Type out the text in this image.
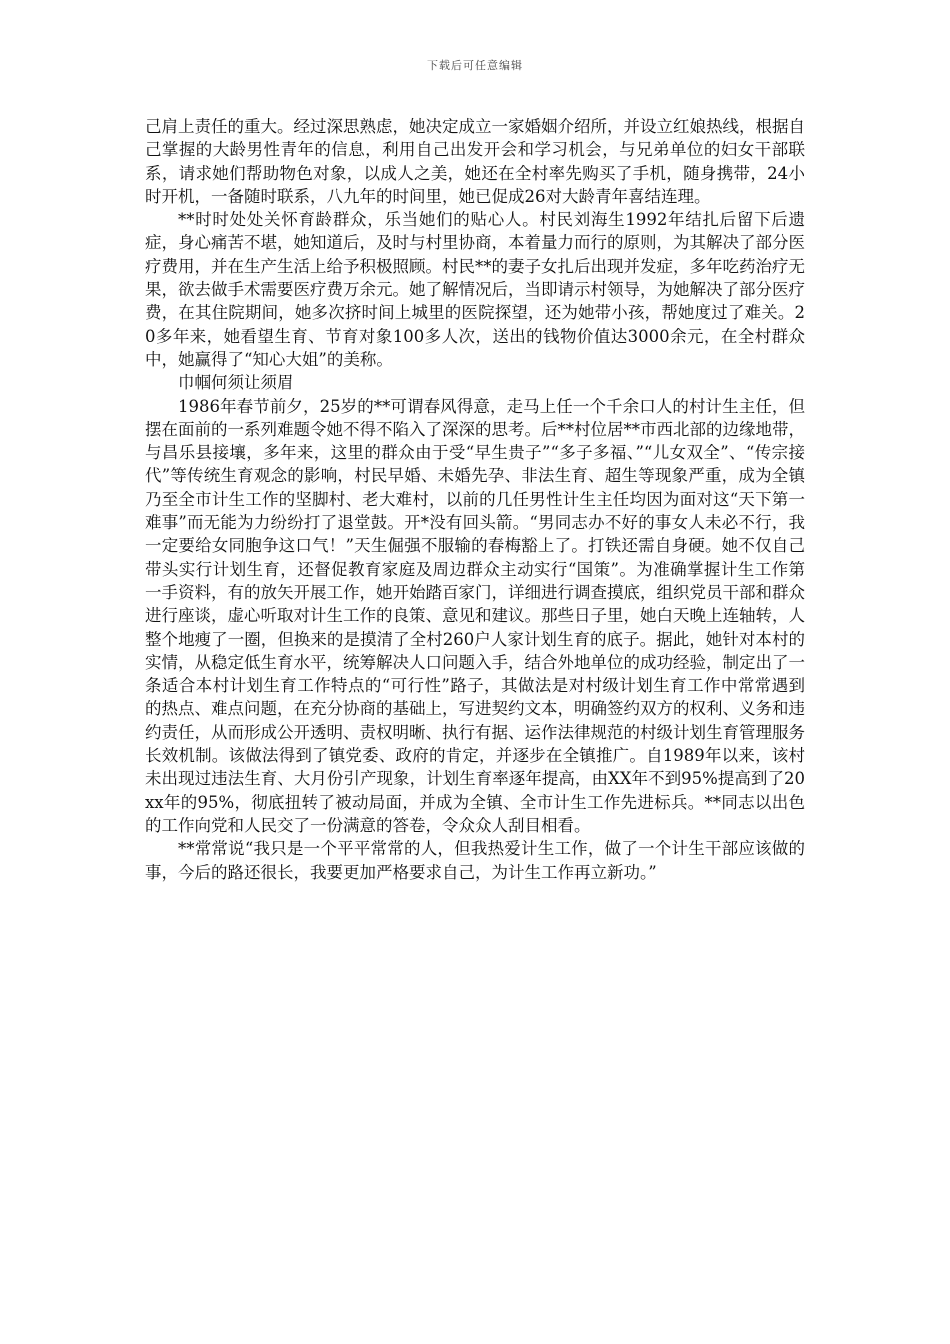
下载后可任意编辑

己肩上责任的重大。经过深思熟虑，她决定成立一家婚姻介绍所，并设立红娘热线，根据自己掌握的大龄男性青年的信息，利用自己出发开会和学习机会，与兄弟单位的妇女干部联系，请求她们帮助物色对象，以成人之美，她还在全村率先购买了手机，随身携带，24小时开机，一备随时联系，八九年的时间里，她已促成26对大龄青年喜结连理。

**时时处处关怀育龄群众，乐当她们的贴心人。村民刘海生1992年结扎后留下后遗症，身心痛苦不堪，她知道后，及时与村里协商，本着量力而行的原则，为其解决了部分医疗费用，并在生产生活上给予积极照顾。村民**的妻子女扎后出现并发症，多年吃药治疗无果，欲去做手术需要医疗费万余元。她了解情况后，当即请示村领导，为她解决了部分医疗费，在其住院期间，她多次挤时间上城里的医院探望，还为她带小孩，帮她度过了难关。20多年来，她看望生育、节育对象100多人次，送出的钱物价值达3000余元，在全村群众中，她赢得了“知心大姐”的美称。

巾帼何须让须眉

1986年春节前夕，25岁的**可谓春风得意，走马上任一个千余口人的村计生主任，但摆在面前的一系列难题令她不得不陷入了深深的思考。后**村位居**市西北部的边缘地带，与昌乐县接壤，多年来，这里的群众由于受“早生贵子”“多子多福、”“儿女双全”、“传宗接代”等传统生育观念的影响，村民早婚、未婚先孕、非法生育、超生等现象严重，成为全镇乃至全市计生工作的坚脚村、老大难村，以前的几任男性计生主任均因为面对这“天下第一难事”而无能为力纷纷打了退堂鼓。开*没有回头箭。“男同志办不好的事女人未必不行，我一定要给女同胞争这口气！”天生倔强不服输的春梅豁上了。打铁还需自身硬。她不仅自己带头实行计划生育，还督促教育家庭及周边群众主动实行“国策”。为准确掌握计生工作第一手资料，有的放矢开展工作，她开始踏百家门，详细进行调查摸底，组织党员干部和群众进行座谈，虚心听取对计生工作的良策、意见和建议。那些日子里，她白天晚上连轴转，人整个地瘦了一圈，但换来的是摸清了全村260户人家计划生育的底子。据此，她针对本村的实情，从稳定低生育水平，统筹解决人口问题入手，结合外地单位的成功经验，制定出了一条适合本村计划生育工作特点的“可行性”路子，其做法是对村级计划生育工作中常常遇到的热点、难点问题，在充分协商的基础上，写进契约文本，明确签约双方的权利、义务和违约责任，从而形成公开透明、责权明晰、执行有据、运作法律规范的村级计划生育管理服务长效机制。该做法得到了镇党委、政府的肯定，并逐步在全镇推广。自1989年以来，该村未出现过违法生育、大月份引产现象，计划生育率逐年提高，由XX年不到95%提高到了20xx年的95%，彻底扭转了被动局面，并成为全镇、全市计生工作先进标兵。**同志以出色的工作向党和人民交了一份满意的答卷，令众众人刮目相看。

**常常说“我只是一个平平常常的人，但我热爱计生工作，做了一个计生干部应该做的事，今后的路还很长，我要更加严格要求自己，为计生工作再立新功。”
